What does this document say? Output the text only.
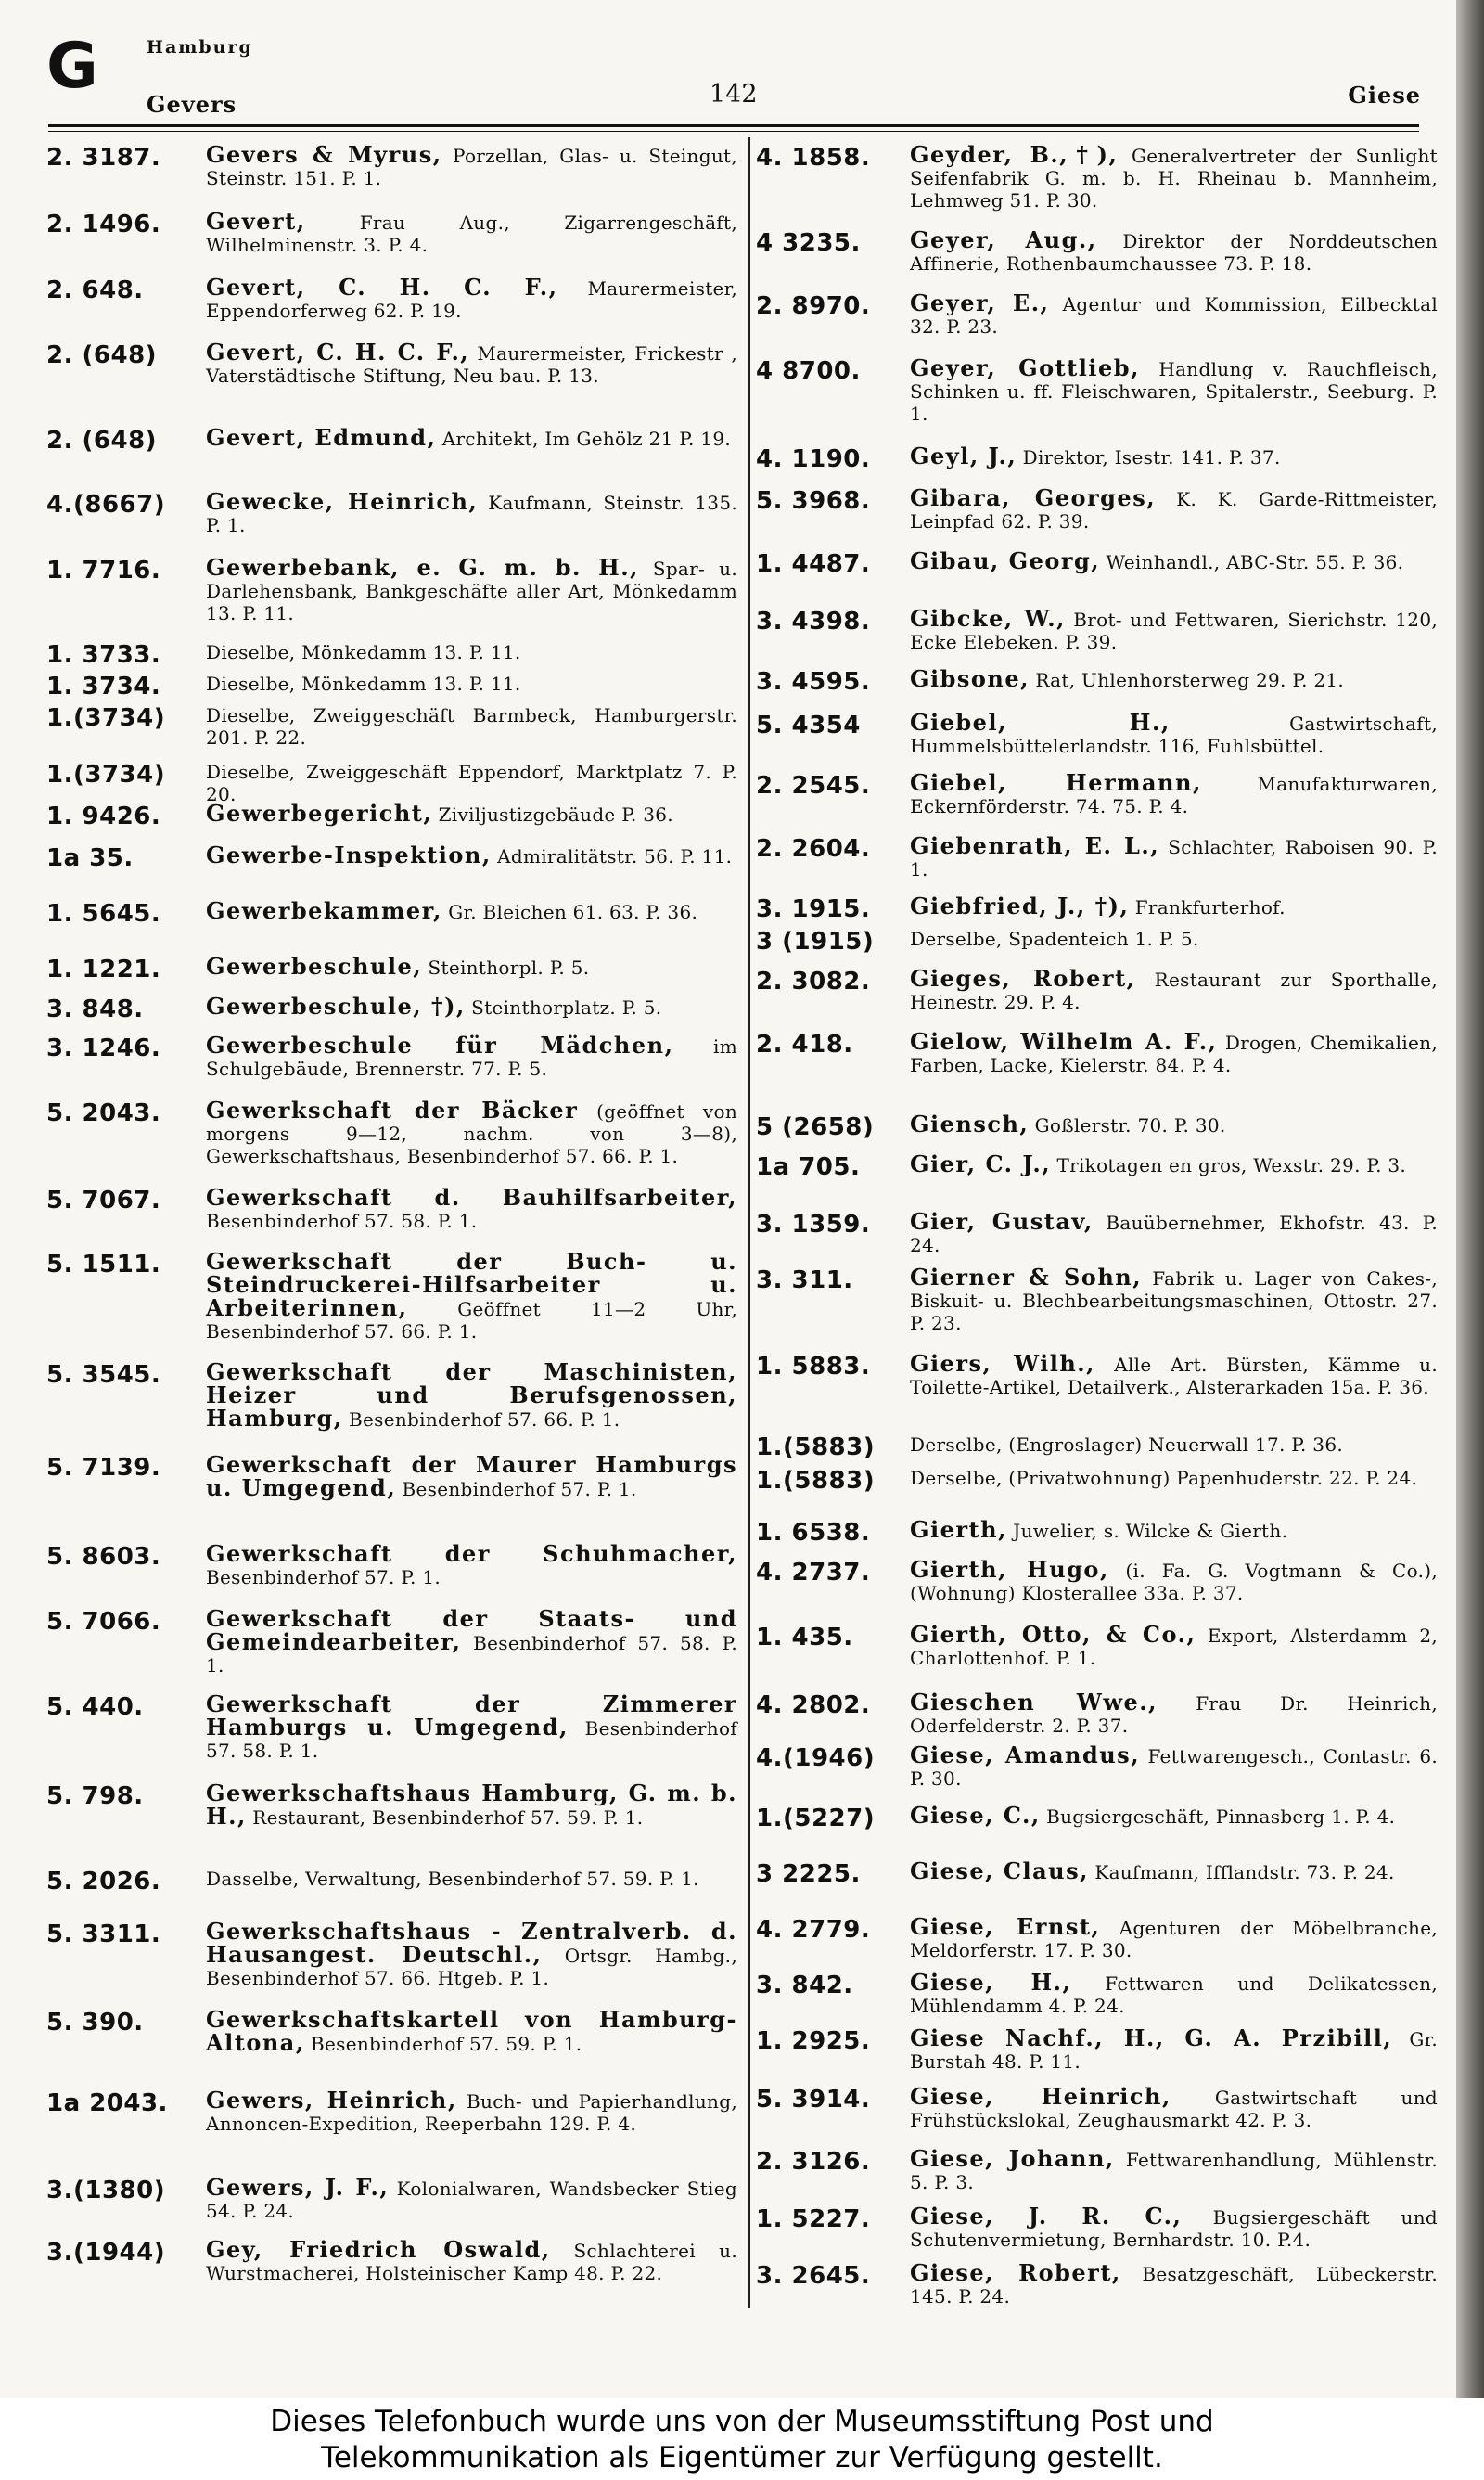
G	Hamburg
Gevers	142	Giese
2. 3187.	Gevers & Myrus, Porzellan, Glas- u. Steingut, Steinstr. 151. P. 1.
2. 1496.	Gevert,	Frau Aug., Zigarrengeschäft, Wilhelminenstr. 3. P. 4.
2. 648.	Gevert, C. H. C. F., Maurermeister, Eppendorferweg 62. P. 19.
2. (648)	Gevert, C. H. C. F., Maurermeister, Frickestr , Vaterstädtische Stiftung, Neu bau. P. 13.
2. (648)	Gevert, Edmund, Architekt, Im Gehölz 21 P. 19.
4.(8667)	Gewecke, Heinrich, Kaufmann, Steinstr. 135. P. 1.
1. 7716.	Gewerbebank, e. G. m. b. H., Spar- u. Darlehensbank, Bankgeschäfte aller Art, Mönkedamm 13. P. 11.
1. 3733.	Dieselbe, Mönkedamm 13. P. 11.
1. 3734.	Dieselbe, Mönkedamm 13. P. 11.
1.(3734)	Dieselbe, Zweiggeschäft Barmbeck, Hamburgerstr. 201. P. 22.
1.(3734)	Dieselbe, Zweiggeschäft Eppendorf, Marktplatz 7. P. 20.
1. 9426.	Gewerbegericht, Ziviljustizgebäude P. 36.
1a 35.	Gewerbe-Inspektion, Admiralitätstr. 56. P. 11.
1. 5645.	Gewerbekammer, Gr. Bleichen 61. 63. P. 36.
1. 1221.	Gewerbeschule, Steinthorpl. P. 5.
3. 848.	Gewerbeschule, †), Steinthorplatz. P. 5.
3. 1246.	Gewerbeschule für Mädchen, im Schulgebäude, Brennerstr. 77. P. 5.
5. 2043.	Gewerkschaft der Bäcker (geöffnet von morgens 9—12, nachm. von 3—8), Gewerkschaftshaus, Besenbinderhof 57. 66. P. 1.
5. 7067.	Gewerkschaft d. Bauhilfsarbeiter, Besenbinderhof 57. 58. P. 1.
5. 1511.	Gewerkschaft der Buch- u. Steindruckerei-Hilfsarbeiter u. Arbeiterinnen,	Geöffnet 11—2 Uhr, Besenbinderhof 57. 66. P. 1.
5. 3545.	Gewerkschaft der Maschinisten, Heizer und Berufsgenossen, Hamburg, Besenbinderhof 57. 66. P. 1.
5. 7139.	Gewerkschaft der Maurer Hamburgs u. Umgegend, Besenbinderhof 57. P. 1.
5. 8603.	Gewerkschaft der Schuhmacher, Besenbinderhof 57. P. 1.
5. 7066.	Gewerkschaft der Staats- und Gemeindearbeiter, Besenbinderhof 57. 58. P. 1.
5. 440.	Gewerkschaft der Zimmerer Hamburgs u. Umgegend, Besenbinderhof 57. 58. P. 1.
5. 798.	Gewerkschaftshaus Hamburg, G. m. b. H., Restaurant, Besenbinderhof 57. 59. P. 1.
5. 2026.	Dasselbe, Verwaltung, Besenbinderhof 57. 59. P. 1.
5. 3311.	Gewerkschaftshaus - Zentralverb. d. Hausangest. Deutschl., Ortsgr. Hambg., Besenbinderhof 57. 66. Htgeb. P. 1.
5. 390.	Gewerkschaftskartell von Hamburg-Altona, Besenbinderhof 57. 59. P. 1.
1a 2043.	Gewers, Heinrich, Buch- und Papierhandlung, Annoncen-Expedition, Reeperbahn 129. P. 4.
3.(1380)	Gewers, J. F., Kolonialwaren, Wandsbecker Stieg 54. P. 24.
3.(1944)	Gey, Friedrich Oswald, Schlachterei u. Wurstmacherei, Holsteinischer Kamp 48. P. 22.
4. 1858.	Geyder, B.,†), Generalvertreter der Sunlight Seifenfabrik G. m. b. H. Rheinau b. Mannheim, Lehmweg 51. P. 30.
4 3235.	Geyer, Aug., Direktor der Norddeutschen Affinerie, Rothenbaumchaussee 73. P. 18.
2. 8970.	Geyer, E., Agentur und Kommission, Eilbecktal 32. P. 23.
4 8700.	Geyer, Gottlieb, Handlung v. Rauchfleisch, Schinken u. ff. Fleischwaren, Spitalerstr., Seeburg. P. 1.
4. 1190.	Geyl, J., Direktor, Isestr. 141. P. 37.
5. 3968.	Gibara, Georges, K. K. Garde-Rittmeister, Leinpfad 62. P. 39.
1. 4487.	Gibau, Georg, Weinhandl., ABC-Str. 55. P. 36.
3. 4398.	Gibcke, W., Brot- und Fettwaren, Sierichstr. 120, Ecke Elebeken. P. 39.
3. 4595.	Gibsone, Rat, Uhlenhorsterweg 29. P. 21.
5. 4354	Giebel, H.,	Gastwirtschaft, Hummelsbüttelerlandstr. 116, Fuhlsbüttel.
2. 2545.	Giebel, Hermann,	Manufakturwaren, Eckernförderstr. 74. 75. P. 4.
2. 2604.	Giebenrath, E. L., Schlachter, Raboisen 90. P. 1.
3. 1915.	Giebfried, J., †), Frankfurterhof.
3 (1915)	Derselbe, Spadenteich 1. P. 5.
2. 3082.	Gieges, Robert, Restaurant zur Sporthalle, Heinestr. 29. P. 4.
2. 418.	Gielow, Wilhelm A. F., Drogen, Chemikalien, Farben, Lacke, Kielerstr. 84. P. 4.
5 (2658)	Giensch, Goßlerstr. 70. P. 30.
1a 705.	Gier, C. J., Trikotagen en gros, Wexstr. 29. P. 3.
3. 1359.	Gier, Gustav, Bauübernehmer, Ekhofstr. 43. P. 24.
3. 311.	Gierner & Sohn, Fabrik u. Lager von Cakes-, Biskuit- u. Blechbearbeitungsmaschinen, Ottostr. 27. P. 23.
1. 5883.	Giers, Wilh., Alle Art. Bürsten, Kämme u. Toilette-Artikel, Detailverk., Alsterarkaden 15a. P. 36.
1.(5883)	Derselbe, (Engroslager) Neuerwall 17. P. 36.
1.(5883)	Derselbe, (Privatwohnung) Papenhuderstr. 22. P. 24.
1. 6538.	Gierth, Juwelier, s. Wilcke & Gierth.
4. 2737.	Gierth, Hugo, (i. Fa. G. Vogtmann & Co.), (Wohnung) Klosterallee 33a. P. 37.
1. 435.	Gierth, Otto, & Co., Export, Alsterdamm 2, Charlottenhof. P. 1.
4. 2802.	Gieschen Wwe., Frau Dr. Heinrich, Oderfelderstr. 2. P. 37.
4.(1946)	Giese, Amandus, Fettwarengesch., Contastr. 6. P. 30.
1.(5227)	Giese, C., Bugsiergeschäft, Pinnasberg 1. P. 4.
3 2225.	Giese, Claus, Kaufmann, Ifflandstr. 73. P. 24.
4. 2779.	Giese, Ernst, Agenturen der Möbelbranche, Meldorferstr. 17. P. 30.
3. 842.	Giese, H., Fettwaren und Delikatessen, Mühlendamm 4. P. 24.
1. 2925.	Giese Nachf., H., G. A. Przibill, Gr. Burstah 48. P. 11.
5. 3914.	Giese, Heinrich, Gastwirtschaft und Frühstückslokal, Zeughausmarkt 42. P. 3.
2. 3126.	Giese, Johann, Fettwarenhandlung, Mühlenstr. 5. P. 3.
1. 5227.	Giese, J. R. C., Bugsiergeschäft und Schutenvermietung, Bernhardstr. 10. P.4.
3. 2645.	Giese, Robert, Besatzgeschäft, Lübeckerstr. 145. P. 24.
Dieses Telefonbuch wurde uns von der Museumsstiftung Post und
Telekommunikation als Eigentümer zur Verfügung gestellt.
